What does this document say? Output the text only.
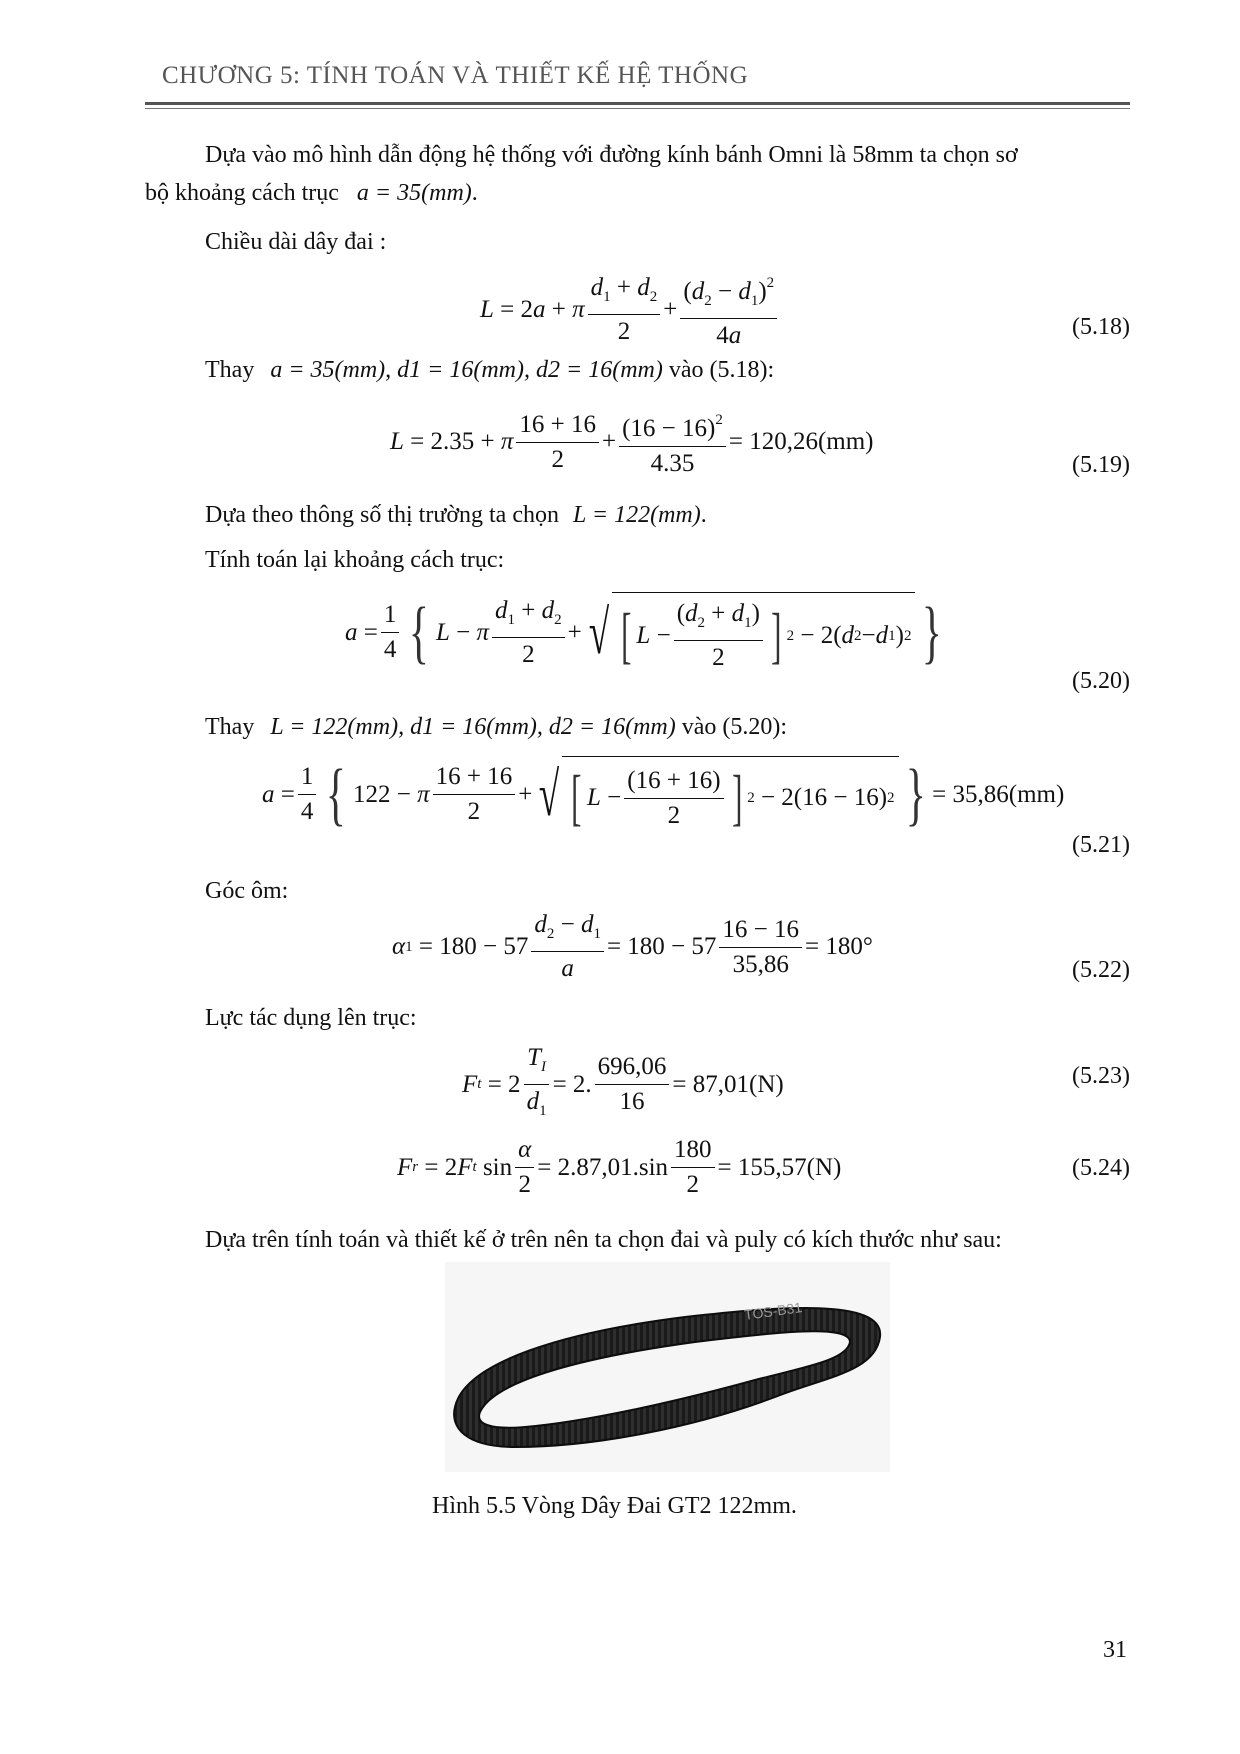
CHƯƠNG 5: TÍNH TOÁN VÀ THIẾT KẾ HỆ THỐNG
Dựa vào mô hình dẫn động hệ thống với đường kính bánh Omni là 58mm ta chọn sơ
bộ khoảng cách trục a = 35(mm).
Chiều dài dây đai :
L = 2 a + π $\frac{d_1 + d_2}{2} + \frac{(d_2 - d_1)^2}{4a}$	(5.18)
Thay a = 35(mm), d1 = 16(mm), d2 = 16(mm) vào (5.18):
L = 2.35 + π $\frac{16 + 16}{2} + \frac{(16 - 16)^2}{4.35} = 120,26(mm)$
(5.19)
Dựa theo thông số thị trường ta chọn L = 122(mm).
Tính toán lại khoảng cách trục:
$a = \frac{1}{4}$ { L − π $\frac{d_1 + d_2}{2}$ + √ [ $L - \frac{(d_2 + d_1)}{2}$ ] 2 − 2( d 2 − d 1 ) 2 }
(5.20)
Thay L = 122(mm), d1 = 16(mm), d2 = 16(mm) vào (5.20):
$a = \frac{1}{4}$ { 122 − π $\frac{16 + 16}{2}$ + √ [ $L - \frac{(16 + 16)}{2}$ ] 2 − 2(16 − 16) 2 } = 35,86(mm)
(5.21)
Góc ôm:
α $1 = 180 - 57 \frac{d_2 - d_1}{a} = 180 - 57 \frac{16 - 16}{35,86} = 180^\circ$
(5.22)
Lực tác dụng lên trục:
F $t = 2 \frac{T_I}{d_1} = 2$. $\frac{696,06}{16} = 87,01(N)$	(5.23)
F r = 2 F t $\sin \frac{\alpha}{2} = 2.87,01.\sin \frac{180}{2} = 155,57(N)$	(5.24)
Dựa trên tính toán và thiết kế ở trên nên ta chọn đai và puly có kích thước như sau:
TOS-B31
Hình 5.5 Vòng Dây Đai GT2 122mm.
31
